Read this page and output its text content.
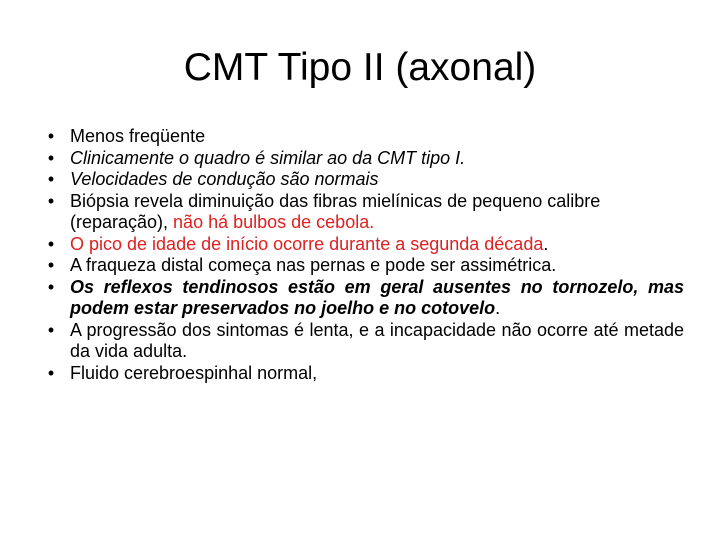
CMT Tipo II (axonal)
• Menos freqüente
• Clinicamente o quadro é similar ao da CMT tipo I.
• Velocidades de condução são normais
• Biópsia revela diminuição das fibras mielínicas de pequeno calibre (reparação), não há bulbos de cebola.
• O pico de idade de início ocorre durante a segunda década.
• A fraqueza distal começa nas pernas e pode ser assimétrica.
• Os reflexos tendinosos estão em geral ausentes no tornozelo, mas podem estar preservados no joelho e no cotovelo.
• A progressão dos sintomas é lenta, e a incapacidade não ocorre até metade da vida adulta.
• Fluido cerebroespinhal normal,
